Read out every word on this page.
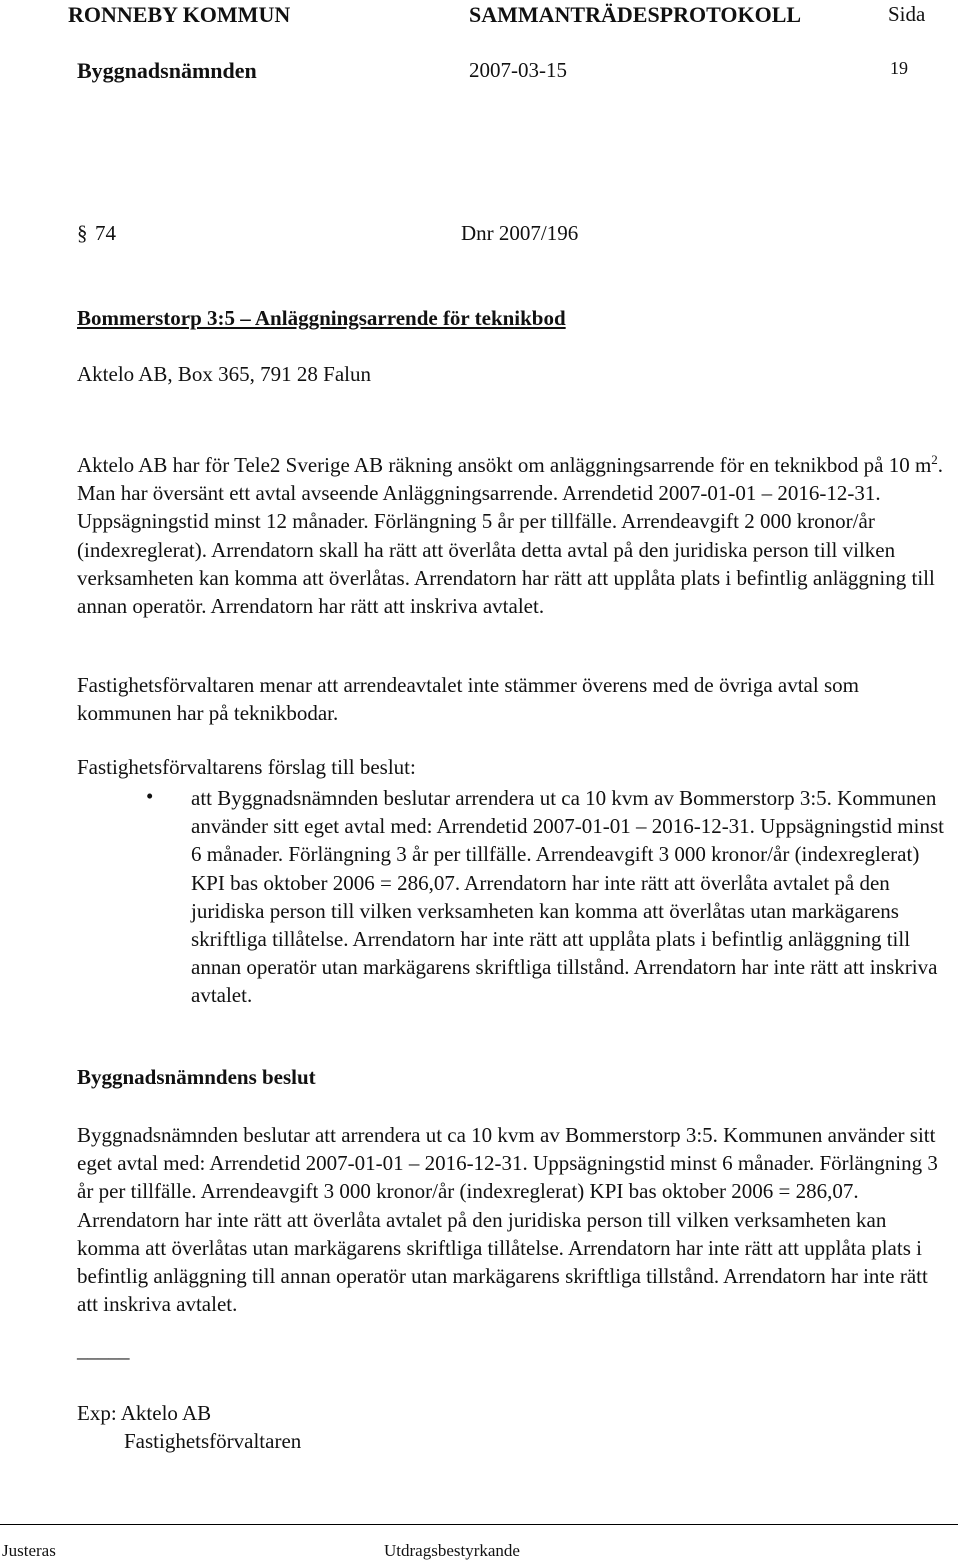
RONNEBY KOMMUN	SAMMANTRÄDESPROTOKOLL	Sida
Byggnadsnämnden	2007-03-15	19
§ 74	Dnr 2007/196
Bommerstorp 3:5 – Anläggningsarrende för teknikbod
Aktelo AB, Box 365, 791 28 Falun
Aktelo AB har för Tele2 Sverige AB räkning ansökt om anläggningsarrende för en teknikbod på 10 $m^2$. Man har översänt ett avtal avseende Anläggningsarrende. Arrendetid 2007-01-01 – 2016-12-31. Uppsägningstid minst 12 månader. Förlängning 5 år per tillfälle. Arrendeavgift 2 000 kronor/år (indexreglerat). Arrendatorn skall ha rätt att överlåta detta avtal på den juridiska person till vilken verksamheten kan komma att överlåtas. Arrendatorn har rätt att upplåta plats i befintlig anläggning till annan operatör. Arrendatorn har rätt att inskriva avtalet.
Fastighetsförvaltaren menar att arrendeavtalet inte stämmer överens med de övriga avtal som kommunen har på teknikbodar.
Fastighetsförvaltarens förslag till beslut:
• att Byggnadsnämnden beslutar arrendera ut ca 10 kvm av Bommerstorp 3:5. Kommunen använder sitt eget avtal med: Arrendetid 2007-01-01 – 2016-12-31. Uppsägningstid minst 6 månader. Förlängning 3 år per tillfälle. Arrendeavgift 3 000 kronor/år (indexreglerat) KPI bas oktober 2006 = 286,07. Arrendatorn har inte rätt att överlåta avtalet på den juridiska person till vilken verksamheten kan komma att överlåtas utan markägarens skriftliga tillåtelse. Arrendatorn har inte rätt att upplåta plats i befintlig anläggning till annan operatör utan markägarens skriftliga tillstånd. Arrendatorn har inte rätt att inskriva avtalet.
Byggnadsnämndens beslut
Byggnadsnämnden beslutar att arrendera ut ca 10 kvm av Bommerstorp 3:5. Kommunen använder sitt eget avtal med: Arrendetid 2007-01-01 – 2016-12-31. Uppsägningstid minst 6 månader. Förlängning 3 år per tillfälle. Arrendeavgift 3 000 kronor/år (indexreglerat) KPI bas oktober 2006 = 286,07. Arrendatorn har inte rätt att överlåta avtalet på den juridiska person till vilken verksamheten kan komma att överlåtas utan markägarens skriftliga tillåtelse. Arrendatorn har inte rätt att upplåta plats i befintlig anläggning till annan operatör utan markägarens skriftliga tillstånd. Arrendatorn har inte rätt att inskriva avtalet.
_____
Exp: Aktelo AB
Fastighetsförvaltaren
Justeras	Utdragsbestyrkande
